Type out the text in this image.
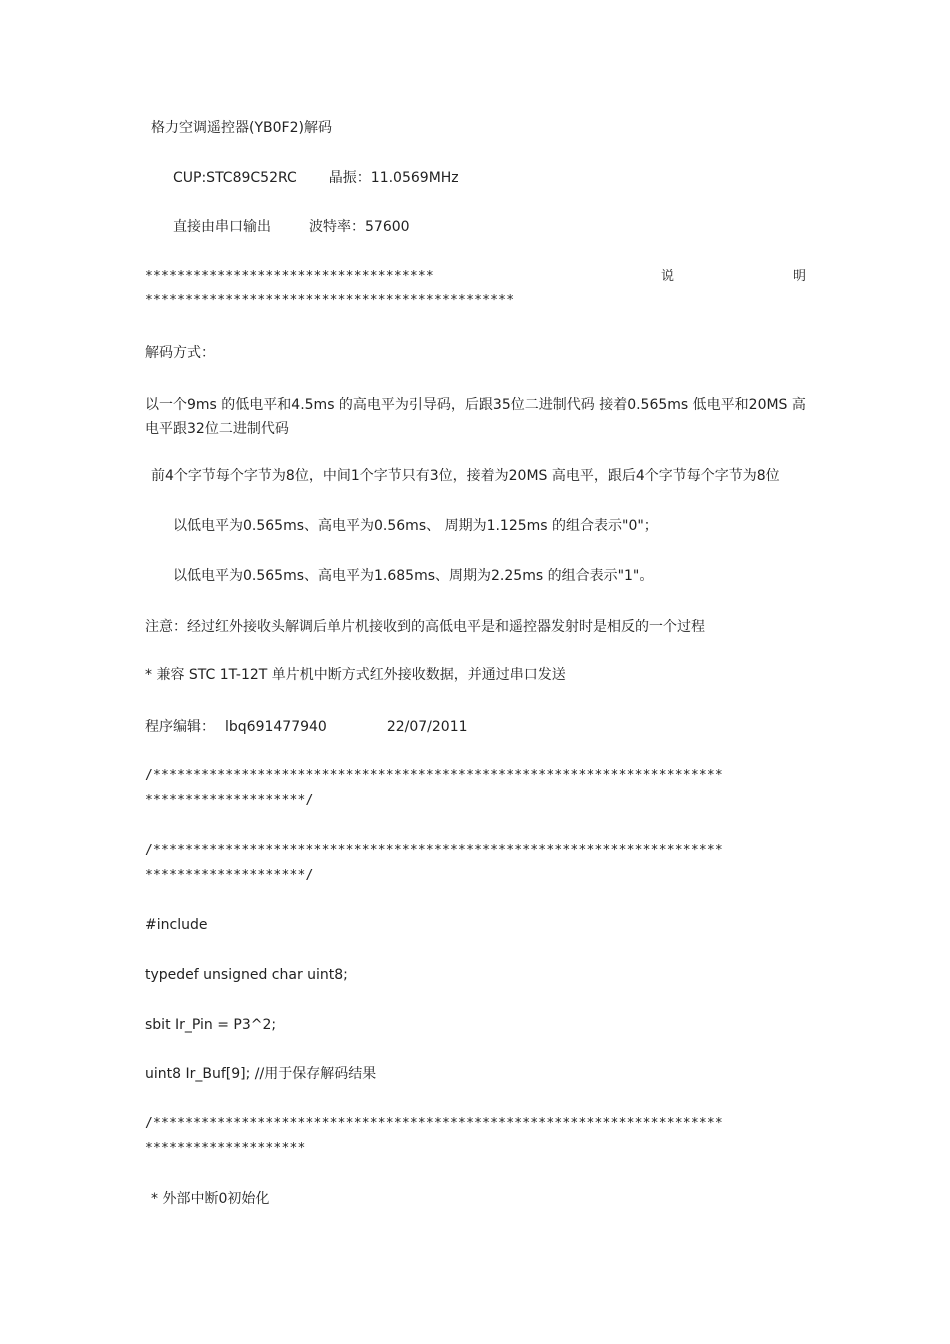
格力空调遥控器(YB0F2)解码
CUP:STC89C52RC 晶振：11.0569MHz
直接由串口输出	波特率：57600
************************************	说	明
**********************************************
解码方式：
以一个9ms 的低电平和4.5ms 的高电平为引导码，后跟35位二进制代码 接着0.565ms 低电平和20MS 高电平跟32位二进制代码
前4个字节每个字节为8位，中间1个字节只有3位，接着为20MS 高电平，跟后4个字节每个字节为8位
以低电平为0.565ms、高电平为0.56ms、 周期为1.125ms 的组合表示"0"；
以低电平为0.565ms、高电平为1.685ms、周期为2.25ms 的组合表示"1"。
注意：经过红外接收头解调后单片机接收到的高低电平是和遥控器发射时是相反的一个过程
* 兼容 STC 1T-12T 单片机中断方式红外接收数据，并通过串口发送
程序编辑： lbq691477940	22/07/2011
/***********************************************************************
********************/
/***********************************************************************
********************/
#include
typedef unsigned char uint8;
sbit Ir_Pin = P3^2;
uint8 Ir_Buf[9]; //用于保存解码结果
/***********************************************************************
********************
* 外部中断0初始化
